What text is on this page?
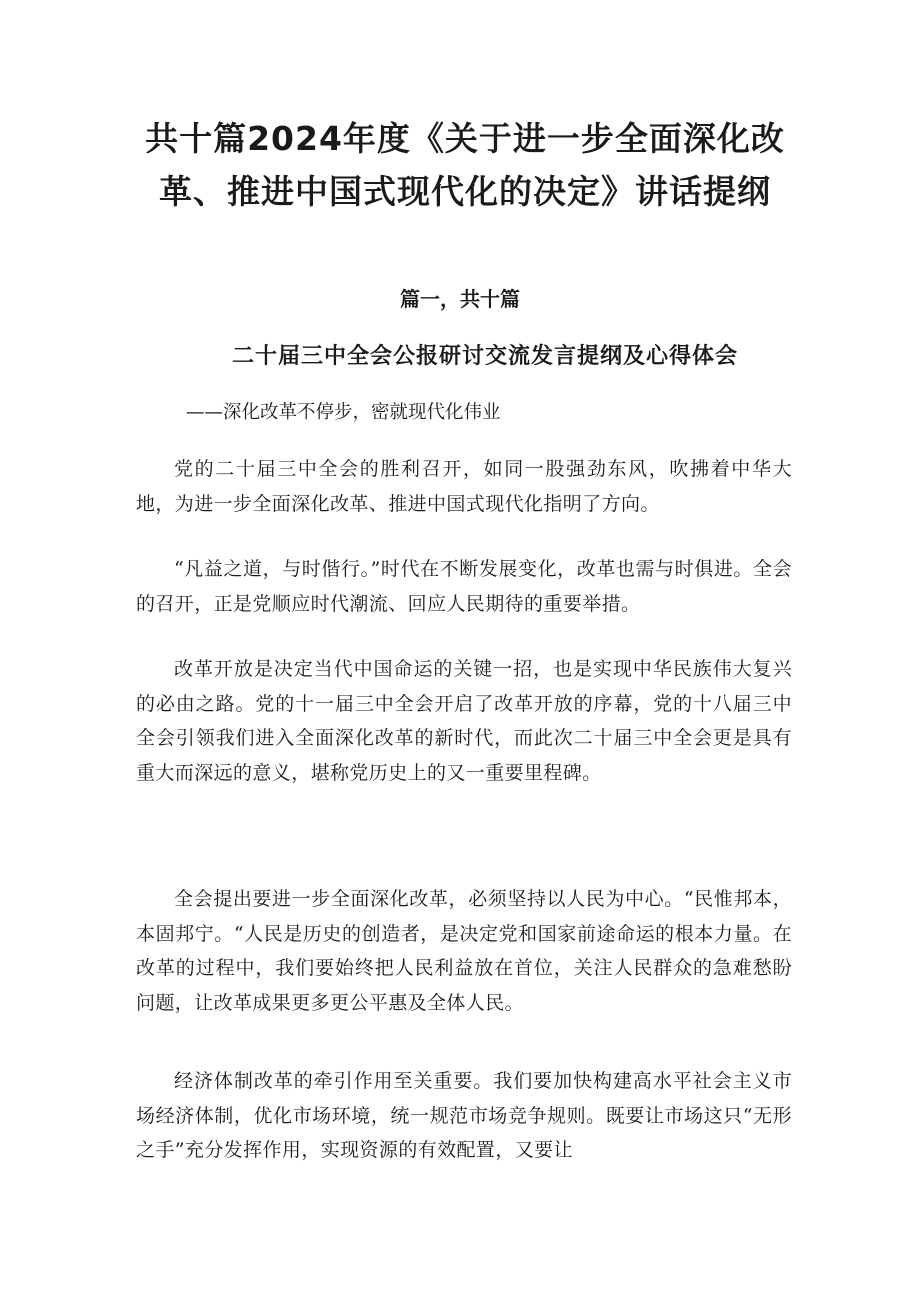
共十篇2024年度《关于进一步全面深化改革、推进中国式现代化的决定》讲话提纲
篇一，共十篇
二十届三中全会公报研讨交流发言提纲及心得体会

——深化改革不停步，密就现代化伟业

党的二十届三中全会的胜利召开，如同一股强劲东风，吹拂着中华大地，为进一步全面深化改革、推进中国式现代化指明了方向。

“凡益之道，与时偕行。”时代在不断发展变化，改革也需与时俱进。全会的召开，正是党顺应时代潮流、回应人民期待的重要举措。

改革开放是决定当代中国命运的关键一招，也是实现中华民族伟大复兴的必由之路。党的十一届三中全会开启了改革开放的序幕，党的十八届三中全会引领我们进入全面深化改革的新时代，而此次二十届三中全会更是具有重大而深远的意义，堪称党历史上的又一重要里程碑。

全会提出要进一步全面深化改革，必须坚持以人民为中心。“民惟邦本，本固邦宁。“人民是历史的创造者，是决定党和国家前途命运的根本力量。在改革的过程中，我们要始终把人民利益放在首位，关注人民群众的急难愁盼问题，让改革成果更多更公平惠及全体人民。

经济体制改革的牵引作用至关重要。我们要加快构建高水平社会主义市场经济体制，优化市场环境，统一规范市场竞争规则。既要让市场这只“无形之手”充分发挥作用，实现资源的有效配置，又要让
